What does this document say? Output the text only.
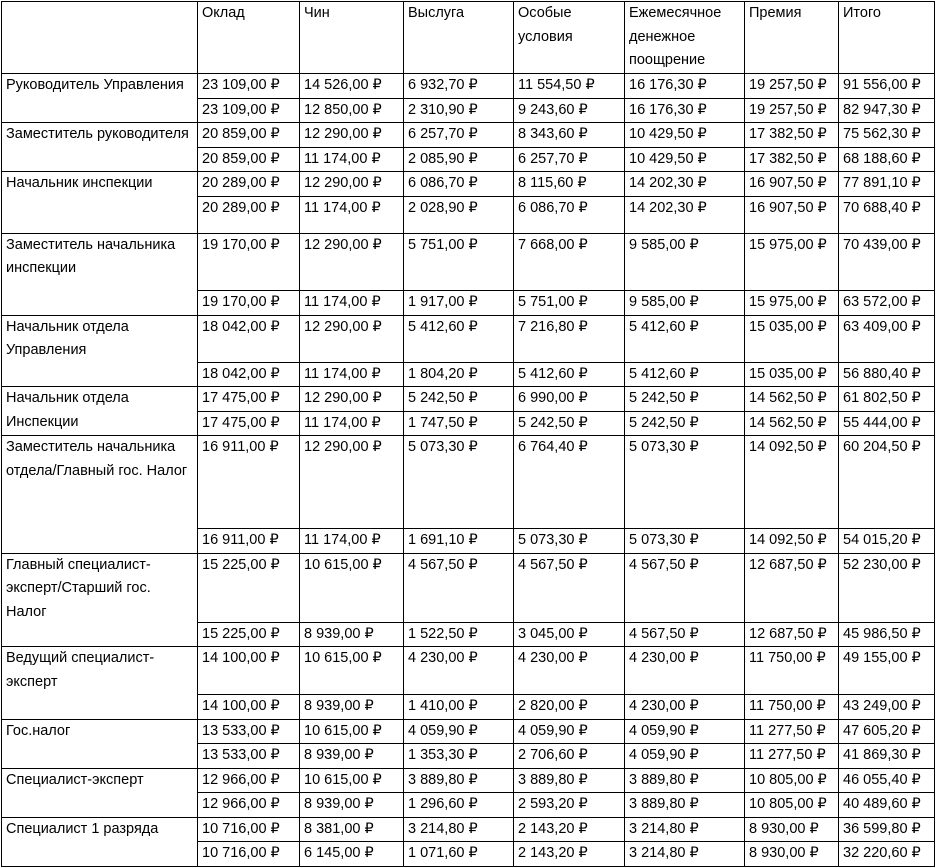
	Оклад	Чин	Выслуга	Особые условия	Ежемесячное денежное поощрение	Премия	Итого
Руководитель Управления	23 109,00 ₽	14 526,00 ₽	6 932,70 ₽	11 554,50 ₽	16 176,30 ₽	19 257,50 ₽	91 556,00 ₽
	23 109,00 ₽	12 850,00 ₽	2 310,90 ₽	9 243,60 ₽	16 176,30 ₽	19 257,50 ₽	82 947,30 ₽
Заместитель руководителя	20 859,00 ₽	12 290,00 ₽	6 257,70 ₽	8 343,60 ₽	10 429,50 ₽	17 382,50 ₽	75 562,30 ₽
	20 859,00 ₽	11 174,00 ₽	2 085,90 ₽	6 257,70 ₽	10 429,50 ₽	17 382,50 ₽	68 188,60 ₽
Начальник инспекции	20 289,00 ₽	12 290,00 ₽	6 086,70 ₽	8 115,60 ₽	14 202,30 ₽	16 907,50 ₽	77 891,10 ₽
	20 289,00 ₽	11 174,00 ₽	2 028,90 ₽	6 086,70 ₽	14 202,30 ₽	16 907,50 ₽	70 688,40 ₽
Заместитель начальника инспекции	19 170,00 ₽	12 290,00 ₽	5 751,00 ₽	7 668,00 ₽	9 585,00 ₽	15 975,00 ₽	70 439,00 ₽
	19 170,00 ₽	11 174,00 ₽	1 917,00 ₽	5 751,00 ₽	9 585,00 ₽	15 975,00 ₽	63 572,00 ₽
Начальник отдела Управления	18 042,00 ₽	12 290,00 ₽	5 412,60 ₽	7 216,80 ₽	5 412,60 ₽	15 035,00 ₽	63 409,00 ₽
	18 042,00 ₽	11 174,00 ₽	1 804,20 ₽	5 412,60 ₽	5 412,60 ₽	15 035,00 ₽	56 880,40 ₽
Начальник отдела Инспекции	17 475,00 ₽	12 290,00 ₽	5 242,50 ₽	6 990,00 ₽	5 242,50 ₽	14 562,50 ₽	61 802,50 ₽
	17 475,00 ₽	11 174,00 ₽	1 747,50 ₽	5 242,50 ₽	5 242,50 ₽	14 562,50 ₽	55 444,00 ₽
Заместитель начальника отдела/Главный гос. Налог	16 911,00 ₽	12 290,00 ₽	5 073,30 ₽	6 764,40 ₽	5 073,30 ₽	14 092,50 ₽	60 204,50 ₽
	16 911,00 ₽	11 174,00 ₽	1 691,10 ₽	5 073,30 ₽	5 073,30 ₽	14 092,50 ₽	54 015,20 ₽
Главный специалист-эксперт/Старший гос. Налог	15 225,00 ₽	10 615,00 ₽	4 567,50 ₽	4 567,50 ₽	4 567,50 ₽	12 687,50 ₽	52 230,00 ₽
	15 225,00 ₽	8 939,00 ₽	1 522,50 ₽	3 045,00 ₽	4 567,50 ₽	12 687,50 ₽	45 986,50 ₽
Ведущий специалист-эксперт	14 100,00 ₽	10 615,00 ₽	4 230,00 ₽	4 230,00 ₽	4 230,00 ₽	11 750,00 ₽	49 155,00 ₽
	14 100,00 ₽	8 939,00 ₽	1 410,00 ₽	2 820,00 ₽	4 230,00 ₽	11 750,00 ₽	43 249,00 ₽
Гос.налог	13 533,00 ₽	10 615,00 ₽	4 059,90 ₽	4 059,90 ₽	4 059,90 ₽	11 277,50 ₽	47 605,20 ₽
	13 533,00 ₽	8 939,00 ₽	1 353,30 ₽	2 706,60 ₽	4 059,90 ₽	11 277,50 ₽	41 869,30 ₽
Специалист-эксперт	12 966,00 ₽	10 615,00 ₽	3 889,80 ₽	3 889,80 ₽	3 889,80 ₽	10 805,00 ₽	46 055,40 ₽
	12 966,00 ₽	8 939,00 ₽	1 296,60 ₽	2 593,20 ₽	3 889,80 ₽	10 805,00 ₽	40 489,60 ₽
Специалист 1 разряда	10 716,00 ₽	8 381,00 ₽	3 214,80 ₽	2 143,20 ₽	3 214,80 ₽	8 930,00 ₽	36 599,80 ₽
	10 716,00 ₽	6 145,00 ₽	1 071,60 ₽	2 143,20 ₽	3 214,80 ₽	8 930,00 ₽	32 220,60 ₽
